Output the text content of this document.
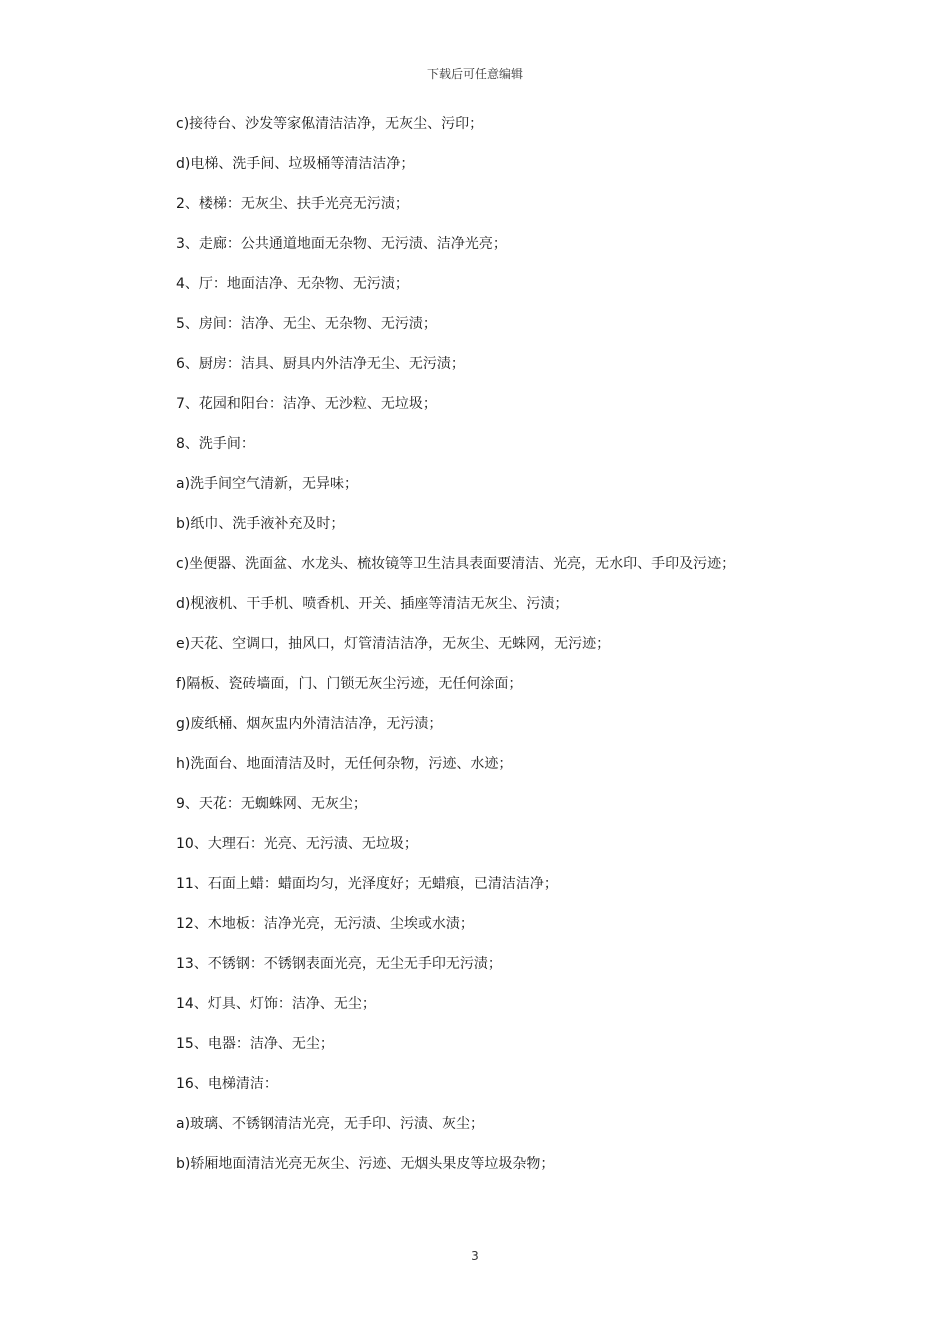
下载后可任意编辑

c)接待台、沙发等家俬清洁洁净，无灰尘、污印；

d)电梯、洗手间、垃圾桶等清洁洁净；

2、楼梯：无灰尘、扶手光亮无污渍；

3、走廊：公共通道地面无杂物、无污渍、洁净光亮；

4、厅：地面洁净、无杂物、无污渍；

5、房间：洁净、无尘、无杂物、无污渍；

6、厨房：洁具、厨具内外洁净无尘、无污渍；

7、花园和阳台：洁净、无沙粒、无垃圾；

8、洗手间：

a)洗手间空气清新，无异味；

b)纸巾、洗手液补充及时；

c)坐便器、洗面盆、水龙头、梳妆镜等卫生洁具表面要清洁、光亮，无水印、手印及污迹；

d)枧液机、干手机、喷香机、开关、插座等清洁无灰尘、污渍；

e)天花、空调口，抽风口，灯管清洁洁净，无灰尘、无蛛网，无污迹；

f)隔板、瓷砖墙面，门、门锁无灰尘污迹，无任何涂面；

g)废纸桶、烟灰盅内外清洁洁净，无污渍；

h)洗面台、地面清洁及时，无任何杂物，污迹、水迹；

9、天花：无蜘蛛网、无灰尘；

10、大理石：光亮、无污渍、无垃圾；

11、石面上蜡：蜡面均匀，光泽度好；无蜡痕，已清洁洁净；

12、木地板：洁净光亮，无污渍、尘埃或水渍；

13、不锈钢：不锈钢表面光亮，无尘无手印无污渍；

14、灯具、灯饰：洁净、无尘；

15、电器：洁净、无尘；

16、电梯清洁：

a)玻璃、不锈钢清洁光亮，无手印、污渍、灰尘；

b)轿厢地面清洁光亮无灰尘、污迹、无烟头果皮等垃圾杂物；

3
